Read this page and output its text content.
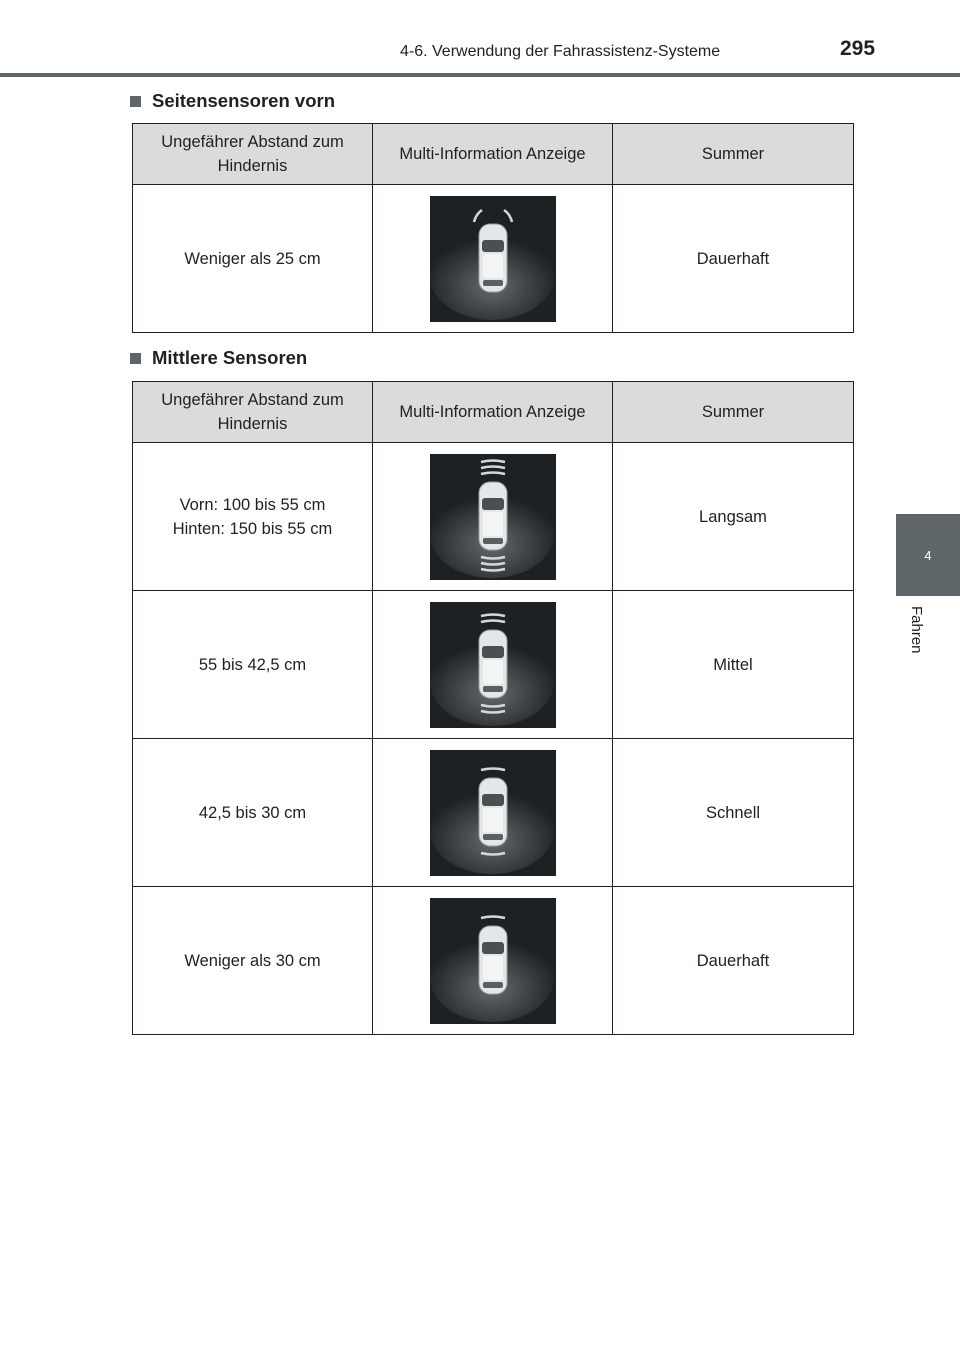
4-6. Verwendung der Fahrassistenz-Systeme	295
4
Fahren
Seitensensoren vorn
Ungefährer Abstand zum Hindernis	Multi-Information Anzeige	Summer

Weniger als 25 cm		Dauerhaft
Mittlere Sensoren
Ungefährer Abstand zum Hindernis	Multi-Information Anzeige	Summer

Vorn: 100 bis 55 cm
Hinten: 150 bis 55 cm		Langsam

55 bis 42,5 cm		Mittel

42,5 bis 30 cm		Schnell

Weniger als 30 cm		Dauerhaft
